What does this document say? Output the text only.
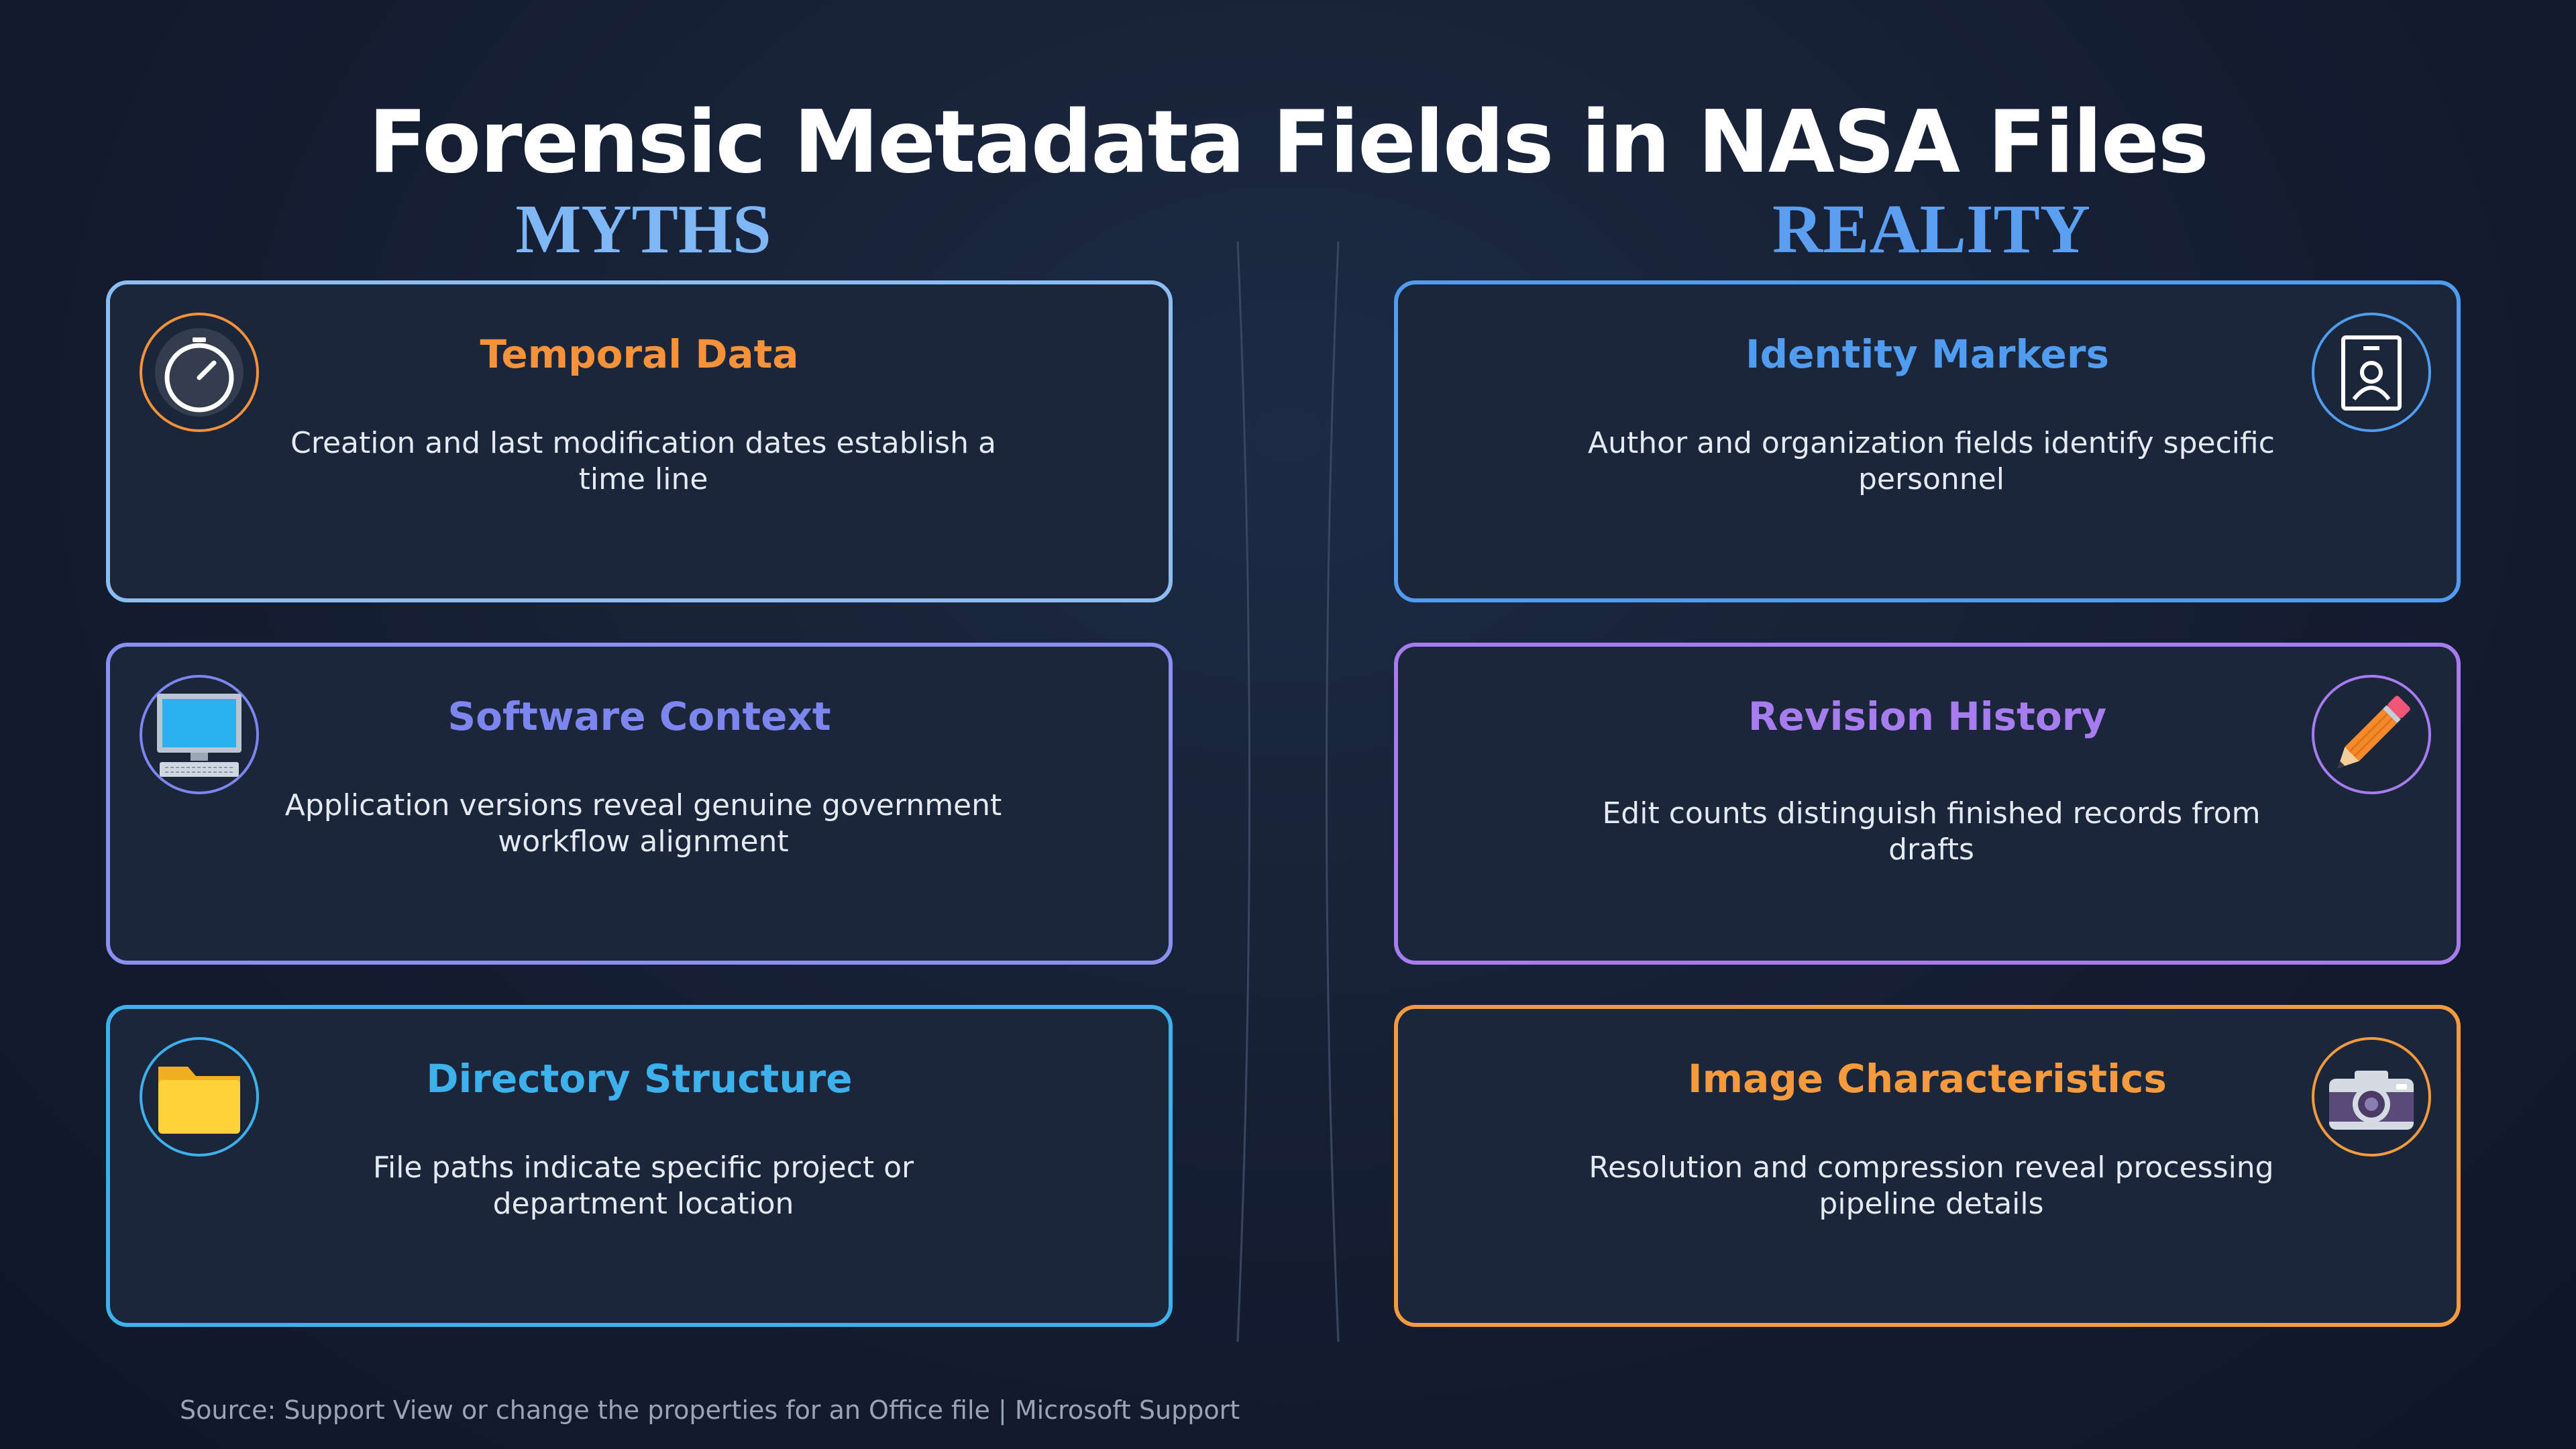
Forensic Metadata Fields in NASA Files
MYTHS	REALITY
Temporal Data
Creation and last modification dates establish a time line
Software Context
Application versions reveal genuine government workflow alignment
Directory Structure
File paths indicate specific project or department location
Identity Markers
Author and organization fields identify specific personnel
Revision History
Edit counts distinguish finished records from drafts
Image Characteristics
Resolution and compression reveal processing pipeline details
Source: Support View or change the properties for an Office file | Microsoft Support
